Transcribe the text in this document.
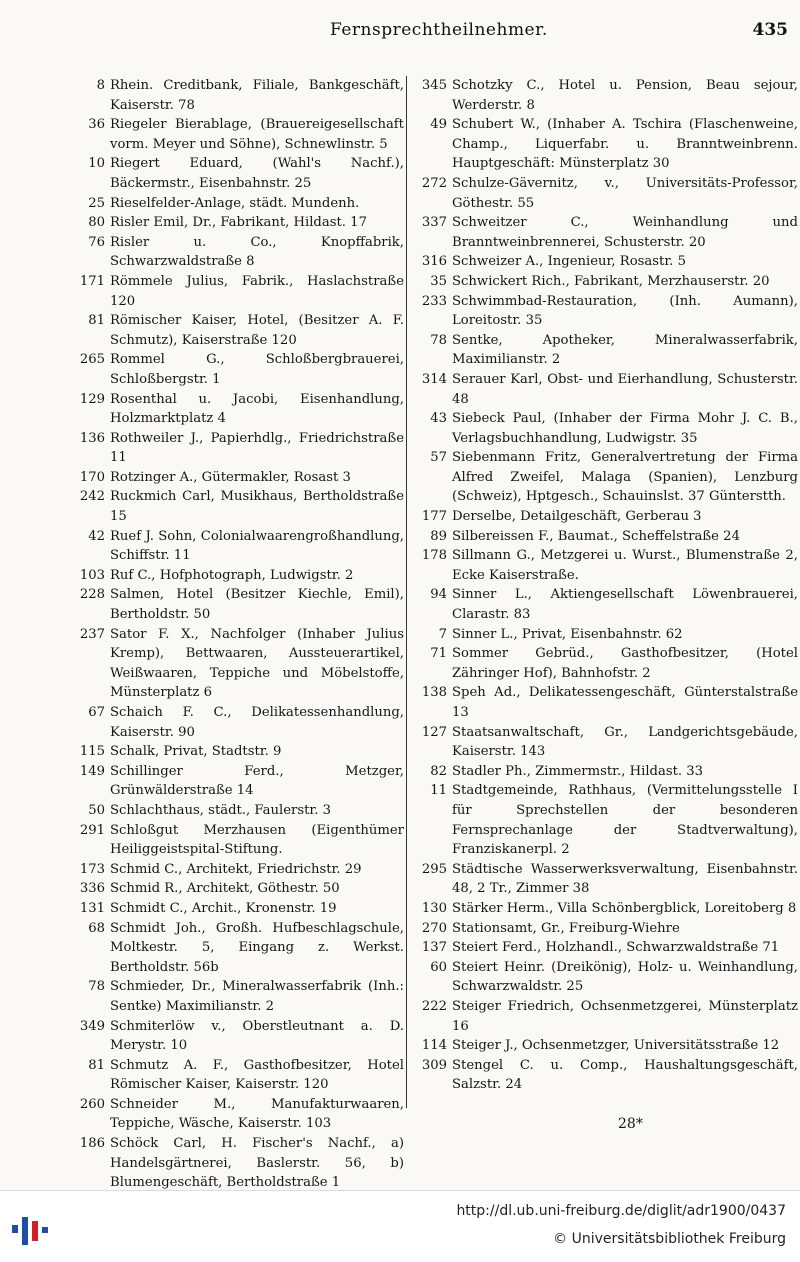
Fernsprechtheilnehmer.	435
8 Rhein. Creditbank, Filiale, Bankgeschäft, Kaiserstr. 78
36 Riegeler Bierablage, (Brauereigesellschaft vorm. Meyer und Söhne), Schnewlinstr. 5
10 Riegert Eduard, (Wahl's Nachf.), Bäckermstr., Eisenbahnstr. 25
25 Rieselfelder-Anlage, städt. Mundenh.
80 Risler Emil, Dr., Fabrikant, Hildast. 17
76 Risler u. Co., Knopffabrik, Schwarzwaldstraße 8
171 Römmele Julius, Fabrik., Haslachstraße 120
81 Römischer Kaiser, Hotel, (Besitzer A. F. Schmutz), Kaiserstraße 120
265 Rommel G., Schloßbergbrauerei, Schloßbergstr. 1
129 Rosenthal u. Jacobi, Eisenhandlung, Holzmarktplatz 4
136 Rothweiler J., Papierhdlg., Friedrichstraße 11
170 Rotzinger A., Gütermakler, Rosast 3
242 Ruckmich Carl, Musikhaus, Bertholdstraße 15
42 Ruef J. Sohn, Colonialwaarengroßhandlung, Schiffstr. 11
103 Ruf C., Hofphotograph, Ludwigstr. 2
228 Salmen, Hotel (Besitzer Kiechle, Emil), Bertholdstr. 50
237 Sator F. X., Nachfolger (Inhaber Julius Kremp), Bettwaaren, Aussteuerartikel, Weißwaaren, Teppiche und Möbelstoffe, Münsterplatz 6
67 Schaich F. C., Delikatessenhandlung, Kaiserstr. 90
115 Schalk, Privat, Stadtstr. 9
149 Schillinger Ferd., Metzger, Grünwälderstraße 14
50 Schlachthaus, städt., Faulerstr. 3
291 Schloßgut Merzhausen (Eigenthümer Heiliggeistspital-Stiftung.
173 Schmid C., Architekt, Friedrichstr. 29
336 Schmid R., Architekt, Göthestr. 50
131 Schmidt C., Archit., Kronenstr. 19
68 Schmidt Joh., Großh. Hufbeschlagschule, Moltkestr. 5, Eingang z. Werkst. Bertholdstr. 56b
78 Schmieder, Dr., Mineralwasserfabrik (Inh.: Sentke) Maximilianstr. 2
349 Schmiterlöw v., Oberstleutnant a. D. Merystr. 10
81 Schmutz A. F., Gasthofbesitzer, Hotel Römischer Kaiser, Kaiserstr. 120
260 Schneider M., Manufakturwaaren, Teppiche, Wäsche, Kaiserstr. 103
186 Schöck Carl, H. Fischer's Nachf., a) Handelsgärtnerei, Baslerstr. 56, b) Blumengeschäft, Bertholdstraße 1
345 Schotzky C., Hotel u. Pension, Beau sejour, Werderstr. 8
49 Schubert W., (Inhaber A. Tschira (Flaschenweine, Champ., Liquerfabr. u. Branntweinbrenn. Hauptgeschäft: Münsterplatz 30
272 Schulze-Gävernitz, v., Universitäts-Professor, Göthestr. 55
337 Schweitzer C., Weinhandlung und Branntweinbrennerei, Schusterstr. 20
316 Schweizer A., Ingenieur, Rosastr. 5
35 Schwickert Rich., Fabrikant, Merzhauserstr. 20
233 Schwimmbad-Restauration, (Inh. Aumann), Loreitostr. 35
78 Sentke, Apotheker, Mineralwasserfabrik, Maximilianstr. 2
314 Serauer Karl, Obst- und Eierhandlung, Schusterstr. 48
43 Siebeck Paul, (Inhaber der Firma Mohr J. C. B., Verlagsbuchhandlung, Ludwigstr. 35
57 Siebenmann Fritz, Generalvertretung der Firma Alfred Zweifel, Malaga (Spanien), Lenzburg (Schweiz), Hptgesch., Schauinslst. 37 Günterstth.
177 Derselbe, Detailgeschäft, Gerberau 3
89 Silbereissen F., Baumat., Scheffelstraße 24
178 Sillmann G., Metzgerei u. Wurst., Blumenstraße 2, Ecke Kaiserstraße.
94 Sinner L., Aktiengesellschaft Löwenbrauerei, Clarastr. 83
7 Sinner L., Privat, Eisenbahnstr. 62
71 Sommer Gebrüd., Gasthofbesitzer, (Hotel Zähringer Hof), Bahnhofstr. 2
138 Speh Ad., Delikatessengeschäft, Günterstalstraße 13
127 Staatsanwaltschaft, Gr., Landgerichtsgebäude, Kaiserstr. 143
82 Stadler Ph., Zimmermstr., Hildast. 33
11 Stadtgemeinde, Rathhaus, (Vermittelungsstelle I für Sprechstellen der besonderen Fernsprechanlage der Stadtverwaltung), Franziskanerpl. 2
295 Städtische Wasserwerksverwaltung, Eisenbahnstr. 48, 2 Tr., Zimmer 38
130 Stärker Herm., Villa Schönbergblick, Loreitoberg 8
270 Stationsamt, Gr., Freiburg-Wiehre
137 Steiert Ferd., Holzhandl., Schwarzwaldstraße 71
60 Steiert Heinr. (Dreikönig), Holz- u. Weinhandlung, Schwarzwaldstr. 25
222 Steiger Friedrich, Ochsenmetzgerei, Münsterplatz 16
114 Steiger J., Ochsenmetzger, Universitätsstraße 12
309 Stengel C. u. Comp., Haushaltungsgeschäft, Salzstr. 24
28*
http://dl.ub.uni-freiburg.de/diglit/adr1900/0437
© Universitätsbibliothek Freiburg
